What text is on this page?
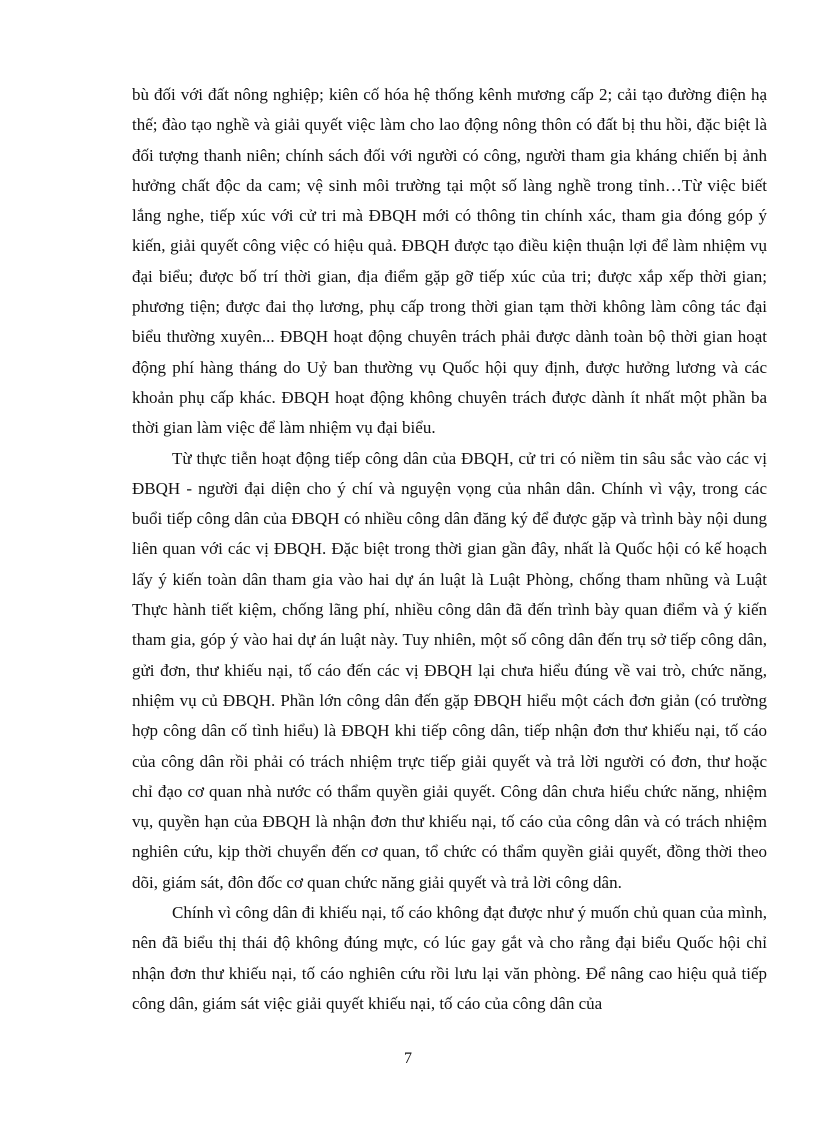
bù đối với đất nông nghiệp; kiên cố hóa hệ thống kênh mương cấp 2; cải tạo đường điện hạ thế; đào tạo nghề và giải quyết việc làm cho lao động nông thôn có đất bị thu hồi, đặc biệt là đối tượng thanh niên; chính sách đối với người có công, người tham gia kháng chiến bị ảnh hưởng chất độc da cam; vệ sinh môi trường tại một số làng nghề trong tỉnh…Từ việc biết lắng nghe, tiếp xúc với cử tri mà ĐBQH mới có thông tin chính xác, tham gia đóng góp ý kiến, giải quyết công việc có hiệu quả. ĐBQH được tạo điều kiện thuận lợi để làm nhiệm vụ đại biểu; được bố trí thời gian, địa điểm gặp gỡ tiếp xúc của tri; được xắp xếp thời gian; phương tiện; được đai thọ lương, phụ cấp trong thời gian tạm thời không làm công tác đại biểu thường xuyên... ĐBQH hoạt động chuyên trách phải được dành toàn bộ thời gian hoạt động phí hàng tháng do Uỷ ban thường vụ Quốc hội quy định, được hưởng lương và các khoản phụ cấp khác. ĐBQH hoạt động không chuyên trách được dành ít nhất một phần ba thời gian làm việc để làm nhiệm vụ đại biểu.

Từ thực tiễn hoạt động tiếp công dân của ĐBQH, cử tri có niềm tin sâu sắc vào các vị ĐBQH - người đại diện cho ý chí và nguyện vọng của nhân dân. Chính vì vậy, trong các buổi tiếp công dân của ĐBQH có nhiều công dân đăng ký để được gặp và trình bày nội dung liên quan với các vị ĐBQH. Đặc biệt trong thời gian gần đây, nhất là Quốc hội có kế hoạch lấy ý kiến toàn dân tham gia vào hai dự án luật là Luật Phòng, chống tham nhũng và Luật Thực hành tiết kiệm, chống lãng phí, nhiều công dân đã đến trình bày quan điểm và ý kiến tham gia, góp ý vào hai dự án luật này. Tuy nhiên, một số công dân đến trụ sở tiếp công dân, gửi đơn, thư khiếu nại, tố cáo đến các vị ĐBQH lại chưa hiểu đúng về vai trò, chức năng, nhiệm vụ củ ĐBQH. Phần lớn công dân đến gặp ĐBQH hiểu một cách đơn giản (có trường hợp công dân cố tình hiểu) là ĐBQH khi tiếp công dân, tiếp nhận đơn thư khiếu nại, tố cáo của công dân rồi phải có trách nhiệm trực tiếp giải quyết và trả lời người có đơn, thư hoặc chỉ đạo cơ quan nhà nước có thẩm quyền giải quyết. Công dân chưa hiểu chức năng, nhiệm vụ, quyền hạn của ĐBQH là nhận đơn thư khiếu nại, tố cáo của công dân và có trách nhiệm nghiên cứu, kịp thời chuyển đến cơ quan, tổ chức có thẩm quyền giải quyết, đồng thời theo dõi, giám sát, đôn đốc cơ quan chức năng giải quyết và trả lời công dân.

Chính vì công dân đi khiếu nại, tố cáo không đạt được như ý muốn chủ quan của mình, nên đã biểu thị thái độ không đúng mực, có lúc gay gắt và cho rằng đại biểu Quốc hội chỉ nhận đơn thư khiếu nại, tố cáo nghiên cứu rồi lưu lại văn phòng. Để nâng cao hiệu quả tiếp công dân, giám sát việc giải quyết khiếu nại, tố cáo của công dân của

7
